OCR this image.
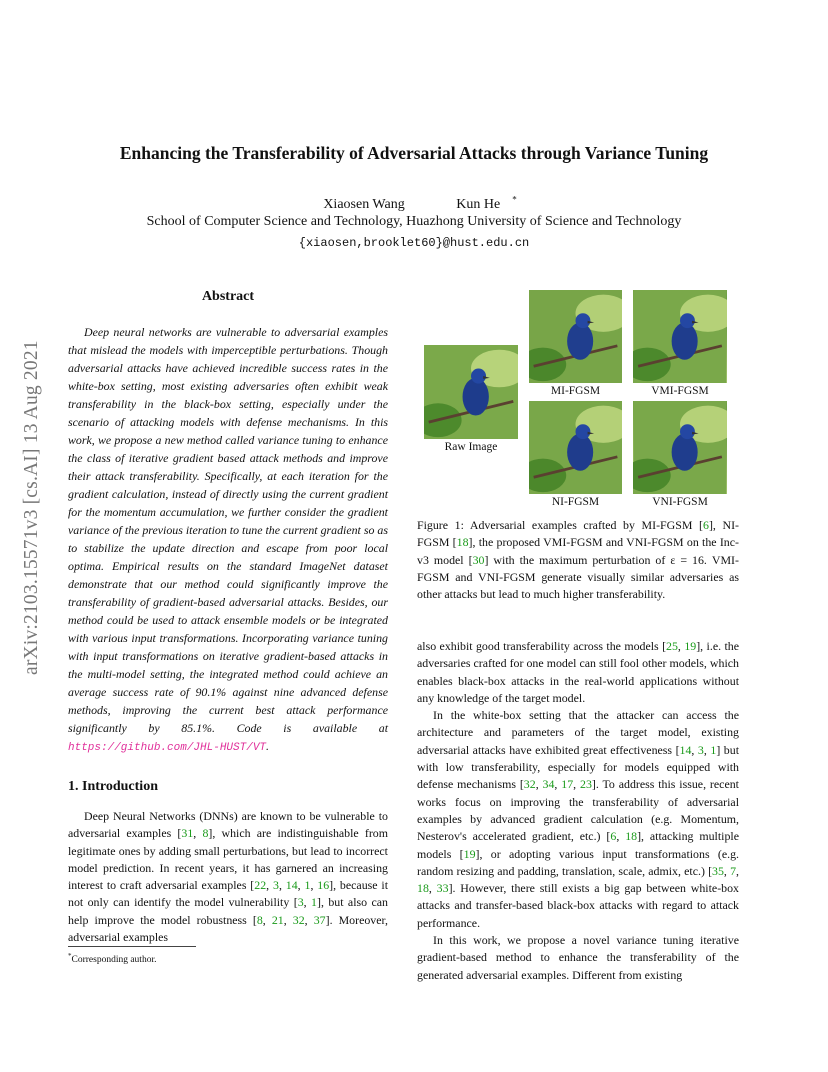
Enhancing the Transferability of Adversarial Attacks through Variance Tuning
Xiaosen Wang	Kun He *
School of Computer Science and Technology, Huazhong University of Science and Technology
{xiaosen,brooklet60}@hust.edu.cn
arXiv:2103.15571v3 [cs.AI] 13 Aug 2021
Abstract
Deep neural networks are vulnerable to adversarial examples that mislead the models with imperceptible perturbations. Though adversarial attacks have achieved incredible success rates in the white-box setting, most existing adversaries often exhibit weak transferability in the black-box setting, especially under the scenario of attacking models with defense mechanisms. In this work, we propose a new method called variance tuning to enhance the class of iterative gradient based attack methods and improve their attack transferability. Specifically, at each iteration for the gradient calculation, instead of directly using the current gradient for the momentum accumulation, we further consider the gradient variance of the previous iteration to tune the current gradient so as to stabilize the update direction and escape from poor local optima. Empirical results on the standard ImageNet dataset demonstrate that our method could significantly improve the transferability of gradient-based adversarial attacks. Besides, our method could be used to attack ensemble models or be integrated with various input transformations. Incorporating variance tuning with input transformations on iterative gradient-based attacks in the multi-model setting, the integrated method could achieve an average success rate of 90.1% against nine advanced defense methods, improving the current best attack performance significantly by 85.1%. Code is available at https://github.com/JHL-HUST/VT.
1. Introduction
Deep Neural Networks (DNNs) are known to be vulnerable to adversarial examples [31, 8], which are indistinguishable from legitimate ones by adding small perturbations, but lead to incorrect model prediction. In recent years, it has garnered an increasing interest to craft adversarial examples [22, 3, 14, 1, 16], because it not only can identify the model vulnerability [3, 1], but also can help improve the model robustness [8, 21, 32, 37]. Moreover, adversarial examples
*Corresponding author.
Raw Image
MI-FGSM	VMI-FGSM
NI-FGSM	VNI-FGSM
Figure 1: Adversarial examples crafted by MI-FGSM [6], NI-FGSM [18], the proposed VMI-FGSM and VNI-FGSM on the Inc-v3 model [30] with the maximum perturbation of ε = 16. VMI-FGSM and VNI-FGSM generate visually similar adversaries as other attacks but lead to much higher transferability.

also exhibit good transferability across the models [25, 19], i.e. the adversaries crafted for one model can still fool other models, which enables black-box attacks in the real-world applications without any knowledge of the target model.

In the white-box setting that the attacker can access the architecture and parameters of the target model, existing adversarial attacks have exhibited great effectiveness [14, 3, 1] but with low transferability, especially for models equipped with defense mechanisms [32, 34, 17, 23]. To address this issue, recent works focus on improving the transferability of adversarial examples by advanced gradient calculation (e.g. Momentum, Nesterov's accelerated gradient, etc.) [6, 18], attacking multiple models [19], or adopting various input transformations (e.g. random resizing and padding, translation, scale, admix, etc.) [35, 7, 18, 33]. However, there still exists a big gap between white-box attacks and transfer-based black-box attacks with regard to attack performance.

In this work, we propose a novel variance tuning iterative gradient-based method to enhance the transferability of the generated adversarial examples. Different from existing
